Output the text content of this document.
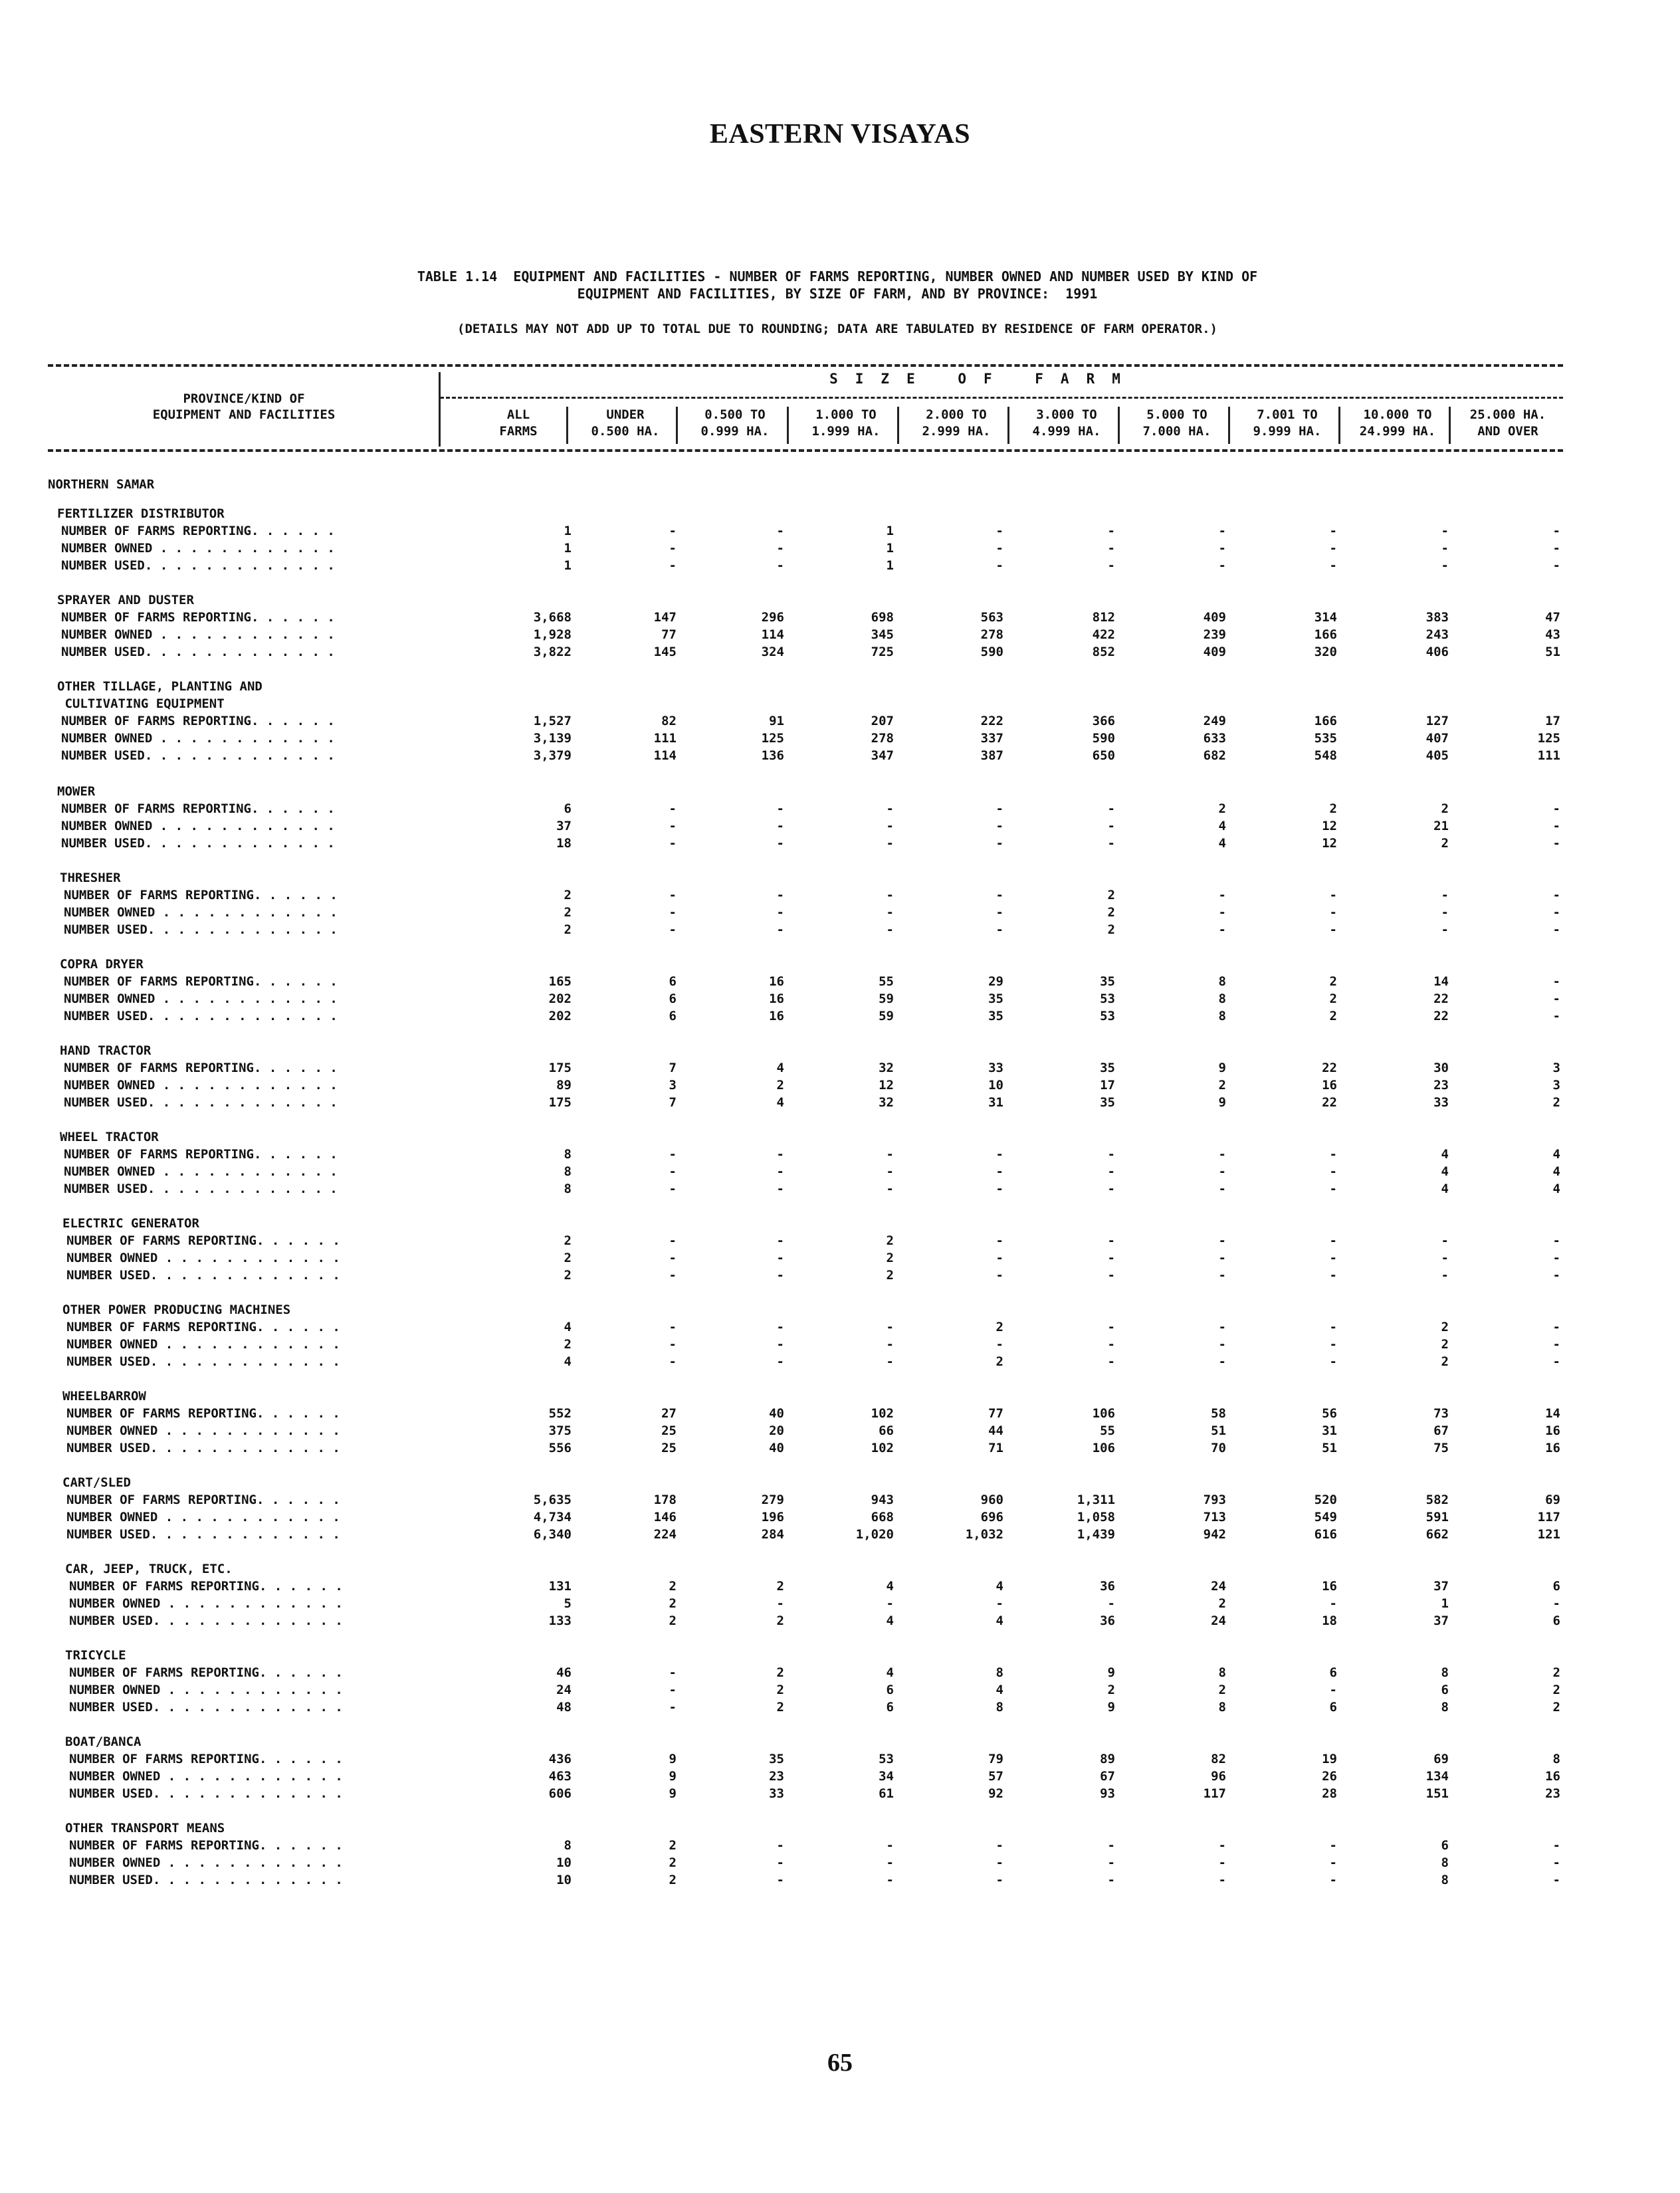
EASTERN VISAYAS
TABLE 1.14  EQUIPMENT AND FACILITIES - NUMBER OF FARMS REPORTING, NUMBER OWNED AND NUMBER USED BY KIND OF
EQUIPMENT AND FACILITIES, BY SIZE OF FARM, AND BY PROVINCE:  1991
(DETAILS MAY NOT ADD UP TO TOTAL DUE TO ROUNDING; DATA ARE TABULATED BY RESIDENCE OF FARM OPERATOR.)
PROVINCE/KIND OF
EQUIPMENT AND FACILITIES
SIZE OF FARM
ALL
FARMS
UNDER
0.500 HA.
0.500 TO
0.999 HA.
1.000 TO
1.999 HA.
2.000 TO
2.999 HA.
3.000 TO
4.999 HA.
5.000 TO
7.000 HA.
7.001 TO
9.999 HA.
10.000 TO
24.999 HA.
25.000 HA.
AND OVER
NORTHERN SAMAR
FERTILIZER DISTRIBUTOR
NUMBER OF FARMS REPORTING. . . . . .	1	-	-	1	-	-	-	-	-	-
NUMBER OWNED . . . . . . . . . . . .	1	-	-	1	-	-	-	-	-	-
NUMBER USED. . . . . . . . . . . . .	1	-	-	1	-	-	-	-	-	-
SPRAYER AND DUSTER
NUMBER OF FARMS REPORTING. . . . . .	3,668	147	296	698	563	812	409	314	383	47
NUMBER OWNED . . . . . . . . . . . .	1,928	77	114	345	278	422	239	166	243	43
NUMBER USED. . . . . . . . . . . . .	3,822	145	324	725	590	852	409	320	406	51
OTHER TILLAGE, PLANTING AND
CULTIVATING EQUIPMENT
NUMBER OF FARMS REPORTING. . . . . .	1,527	82	91	207	222	366	249	166	127	17
NUMBER OWNED . . . . . . . . . . . .	3,139	111	125	278	337	590	633	535	407	125
NUMBER USED. . . . . . . . . . . . .	3,379	114	136	347	387	650	682	548	405	111
MOWER
NUMBER OF FARMS REPORTING. . . . . .	6	-	-	-	-	-	2	2	2	-
NUMBER OWNED . . . . . . . . . . . .	37	-	-	-	-	-	4	12	21	-
NUMBER USED. . . . . . . . . . . . .	18	-	-	-	-	-	4	12	2	-
THRESHER
NUMBER OF FARMS REPORTING. . . . . .	2	-	-	-	-	2	-	-	-	-
NUMBER OWNED . . . . . . . . . . . .	2	-	-	-	-	2	-	-	-	-
NUMBER USED. . . . . . . . . . . . .	2	-	-	-	-	2	-	-	-	-
COPRA DRYER
NUMBER OF FARMS REPORTING. . . . . .	165	6	16	55	29	35	8	2	14	-
NUMBER OWNED . . . . . . . . . . . .	202	6	16	59	35	53	8	2	22	-
NUMBER USED. . . . . . . . . . . . .	202	6	16	59	35	53	8	2	22	-
HAND TRACTOR
NUMBER OF FARMS REPORTING. . . . . .	175	7	4	32	33	35	9	22	30	3
NUMBER OWNED . . . . . . . . . . . .	89	3	2	12	10	17	2	16	23	3
NUMBER USED. . . . . . . . . . . . .	175	7	4	32	31	35	9	22	33	2
WHEEL TRACTOR
NUMBER OF FARMS REPORTING. . . . . .	8	-	-	-	-	-	-	-	4	4
NUMBER OWNED . . . . . . . . . . . .	8	-	-	-	-	-	-	-	4	4
NUMBER USED. . . . . . . . . . . . .	8	-	-	-	-	-	-	-	4	4
ELECTRIC GENERATOR
NUMBER OF FARMS REPORTING. . . . . .	2	-	-	2	-	-	-	-	-	-
NUMBER OWNED . . . . . . . . . . . .	2	-	-	2	-	-	-	-	-	-
NUMBER USED. . . . . . . . . . . . .	2	-	-	2	-	-	-	-	-	-
OTHER POWER PRODUCING MACHINES
NUMBER OF FARMS REPORTING. . . . . .	4	-	-	-	2	-	-	-	2	-
NUMBER OWNED . . . . . . . . . . . .	2	-	-	-	-	-	-	-	2	-
NUMBER USED. . . . . . . . . . . . .	4	-	-	-	2	-	-	-	2	-
WHEELBARROW
NUMBER OF FARMS REPORTING. . . . . .	552	27	40	102	77	106	58	56	73	14
NUMBER OWNED . . . . . . . . . . . .	375	25	20	66	44	55	51	31	67	16
NUMBER USED. . . . . . . . . . . . .	556	25	40	102	71	106	70	51	75	16
CART/SLED
NUMBER OF FARMS REPORTING. . . . . .	5,635	178	279	943	960	1,311	793	520	582	69
NUMBER OWNED . . . . . . . . . . . .	4,734	146	196	668	696	1,058	713	549	591	117
NUMBER USED. . . . . . . . . . . . .	6,340	224	284	1,020	1,032	1,439	942	616	662	121
CAR, JEEP, TRUCK, ETC.
NUMBER OF FARMS REPORTING. . . . . .	131	2	2	4	4	36	24	16	37	6
NUMBER OWNED . . . . . . . . . . . .	5	2	-	-	-	-	2	-	1	-
NUMBER USED. . . . . . . . . . . . .	133	2	2	4	4	36	24	18	37	6
TRICYCLE
NUMBER OF FARMS REPORTING. . . . . .	46	-	2	4	8	9	8	6	8	2
NUMBER OWNED . . . . . . . . . . . .	24	-	2	6	4	2	2	-	6	2
NUMBER USED. . . . . . . . . . . . .	48	-	2	6	8	9	8	6	8	2
BOAT/BANCA
NUMBER OF FARMS REPORTING. . . . . .	436	9	35	53	79	89	82	19	69	8
NUMBER OWNED . . . . . . . . . . . .	463	9	23	34	57	67	96	26	134	16
NUMBER USED. . . . . . . . . . . . .	606	9	33	61	92	93	117	28	151	23
OTHER TRANSPORT MEANS
NUMBER OF FARMS REPORTING. . . . . .	8	2	-	-	-	-	-	-	6	-
NUMBER OWNED . . . . . . . . . . . .	10	2	-	-	-	-	-	-	8	-
NUMBER USED. . . . . . . . . . . . .	10	2	-	-	-	-	-	-	8	-
65
